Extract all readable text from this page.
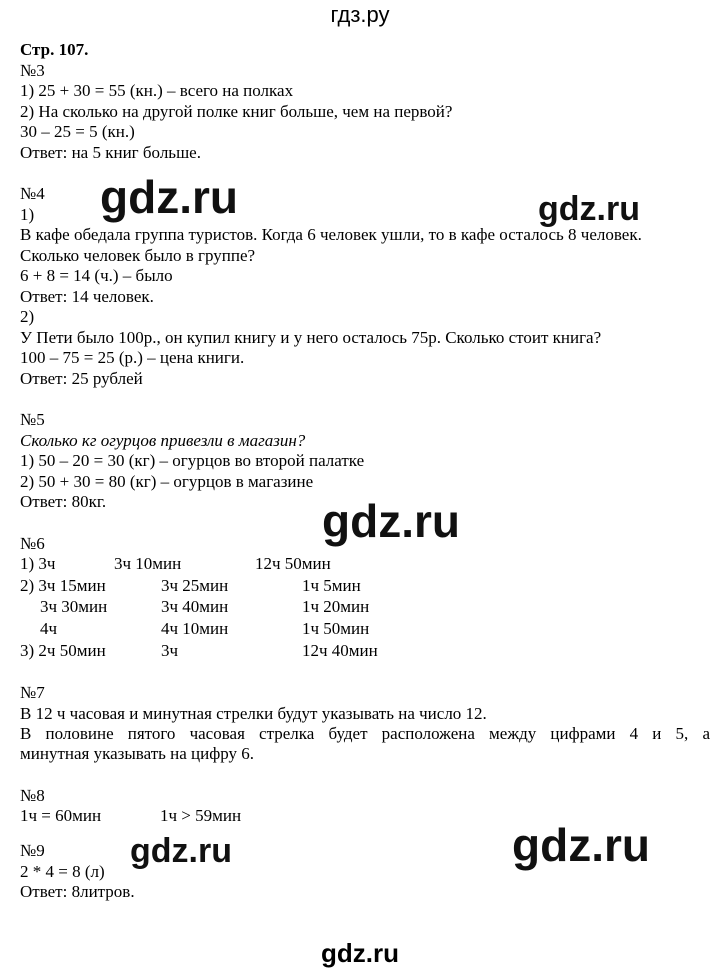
гдз.ру
Стр. 107.
№3
1) 25 + 30 = 55 (кн.) – всего на полках
2) На сколько на другой полке книг больше, чем на первой?
30 – 25 = 5 (кн.)
Ответ: на 5 книг больше.
№4
1)
В кафе обедала группа туристов. Когда 6 человек ушли, то в кафе осталось 8 человек.
Сколько человек было в группе?
6 + 8 = 14 (ч.) – было
Ответ: 14 человек.
2)
У Пети было 100р., он купил книгу и у него осталось 75р. Сколько стоит книга?
100 – 75 = 25 (р.) – цена книги.
Ответ: 25 рублей
№5
Сколько кг огурцов привезли в магазин?
1) 50 – 20 = 30 (кг) – огурцов во второй палатке
2) 50 + 30 = 80 (кг) – огурцов в магазине
Ответ: 80кг.
№6
1) 3ч	3ч 10мин	12ч 50мин
2) 3ч 15мин	3ч 25мин	1ч 5мин
3ч 30мин	3ч 40мин	1ч 20мин
4ч	4ч 10мин	1ч 50мин
3) 2ч 50мин	3ч	12ч 40мин
№7
В 12 ч часовая и минутная стрелки будут указывать на число 12.
В половине пятого часовая стрелка будет расположена между цифрами 4 и 5, а
минутная указывать на цифру 6.
№8
1ч = 60мин	1ч > 59мин
№9
2 * 4 = 8 (л)
Ответ: 8литров.
gdz.ru	gdz.ru
gdz.ru
gdz.ru
gdz.ru
gdz.ru
